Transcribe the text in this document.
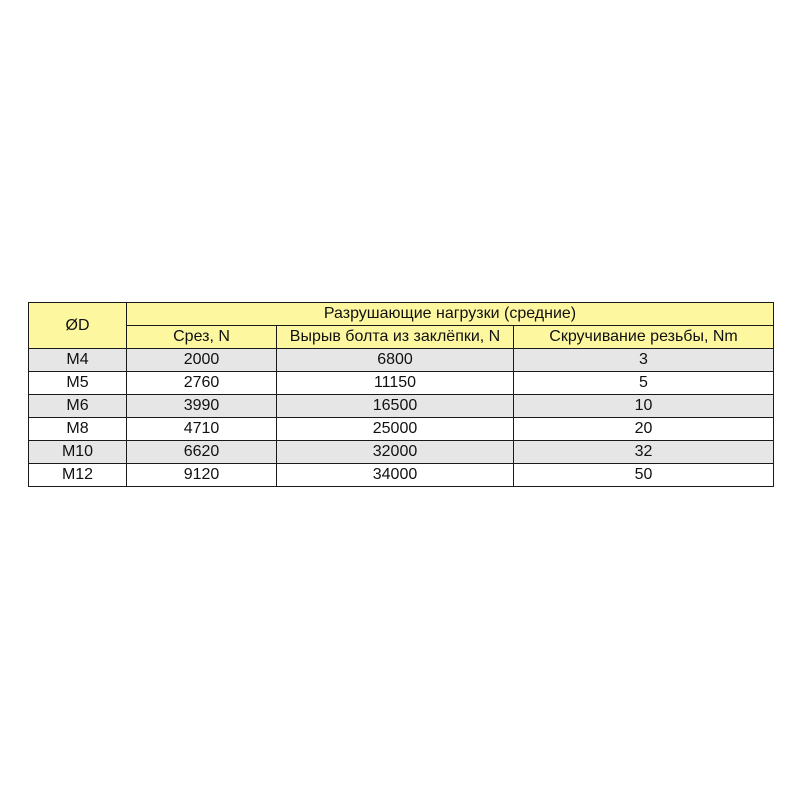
ØD	Разрушающие нагрузки (средние)		
	Срез, N	Вырыв болта из заклёпки, N	Скручивание резьбы, Nm
M4	2000	6800	3
M5	2760	11150	5
M6	3990	16500	10
M8	4710	25000	20
M10	6620	32000	32
M12	9120	34000	50
